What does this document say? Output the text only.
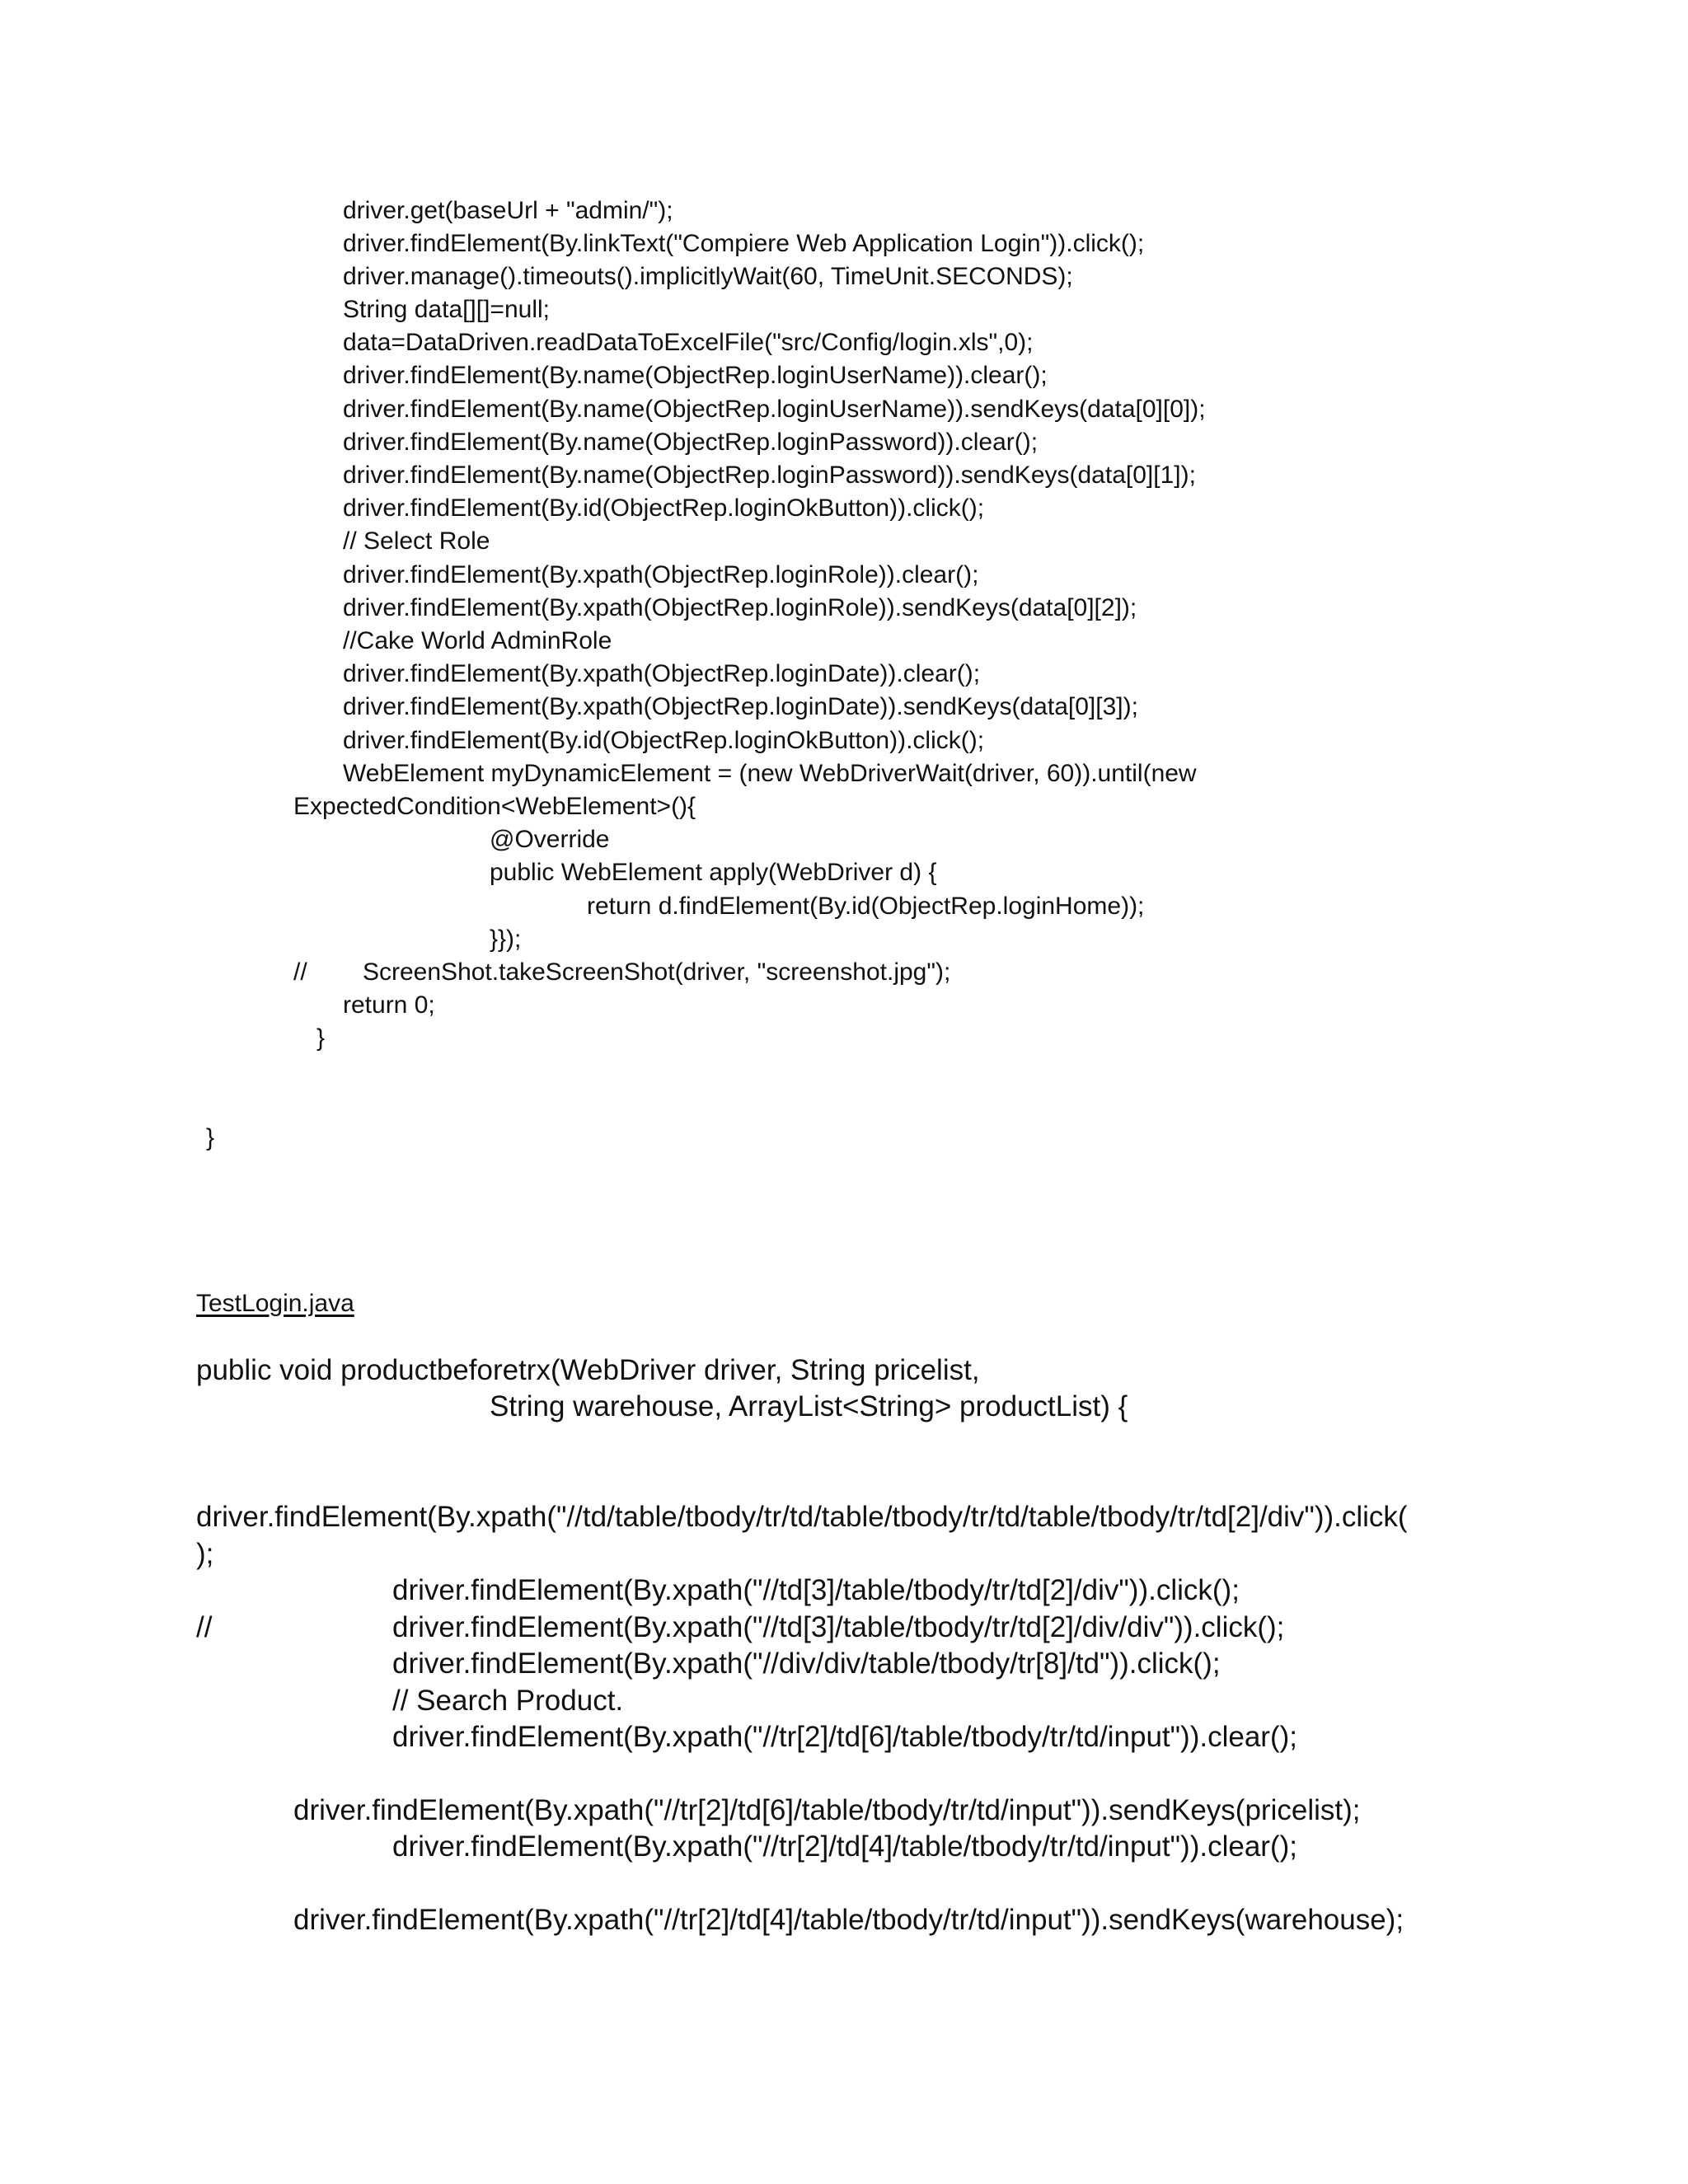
driver.get(baseUrl + "admin/");
driver.findElement(By.linkText("Compiere Web Application Login")).click();
driver.manage().timeouts().implicitlyWait(60, TimeUnit.SECONDS);
String data[][]=null;
data=DataDriven.readDataToExcelFile("src/Config/login.xls",0);
driver.findElement(By.name(ObjectRep.loginUserName)).clear();
driver.findElement(By.name(ObjectRep.loginUserName)).sendKeys(data[0][0]);
driver.findElement(By.name(ObjectRep.loginPassword)).clear();
driver.findElement(By.name(ObjectRep.loginPassword)).sendKeys(data[0][1]);
driver.findElement(By.id(ObjectRep.loginOkButton)).click();
// Select Role
driver.findElement(By.xpath(ObjectRep.loginRole)).clear();
driver.findElement(By.xpath(ObjectRep.loginRole)).sendKeys(data[0][2]);
//Cake World AdminRole
driver.findElement(By.xpath(ObjectRep.loginDate)).clear();
driver.findElement(By.xpath(ObjectRep.loginDate)).sendKeys(data[0][3]);
driver.findElement(By.id(ObjectRep.loginOkButton)).click();
WebElement myDynamicElement = (new WebDriverWait(driver, 60)).until(new
ExpectedCondition<WebElement>(){
@Override
public WebElement apply(WebDriver d) {
return d.findElement(By.id(ObjectRep.loginHome));
}});
// ScreenShot.takeScreenShot(driver, "screenshot.jpg");
return 0;
}
}
TestLogin.java
public void productbeforetrx(WebDriver driver, String pricelist,
String warehouse, ArrayList<String> productList) {
driver.findElement(By.xpath("//td/table/tbody/tr/td/table/tbody/tr/td/table/tbody/tr/td[2]/div")).click(
);
driver.findElement(By.xpath("//td[3]/table/tbody/tr/td[2]/div")).click();
//	driver.findElement(By.xpath("//td[3]/table/tbody/tr/td[2]/div/div")).click();
driver.findElement(By.xpath("//div/div/table/tbody/tr[8]/td")).click();
// Search Product.
driver.findElement(By.xpath("//tr[2]/td[6]/table/tbody/tr/td/input")).clear();
driver.findElement(By.xpath("//tr[2]/td[6]/table/tbody/tr/td/input")).sendKeys(pricelist);
driver.findElement(By.xpath("//tr[2]/td[4]/table/tbody/tr/td/input")).clear();
driver.findElement(By.xpath("//tr[2]/td[4]/table/tbody/tr/td/input")).sendKeys(warehouse);
